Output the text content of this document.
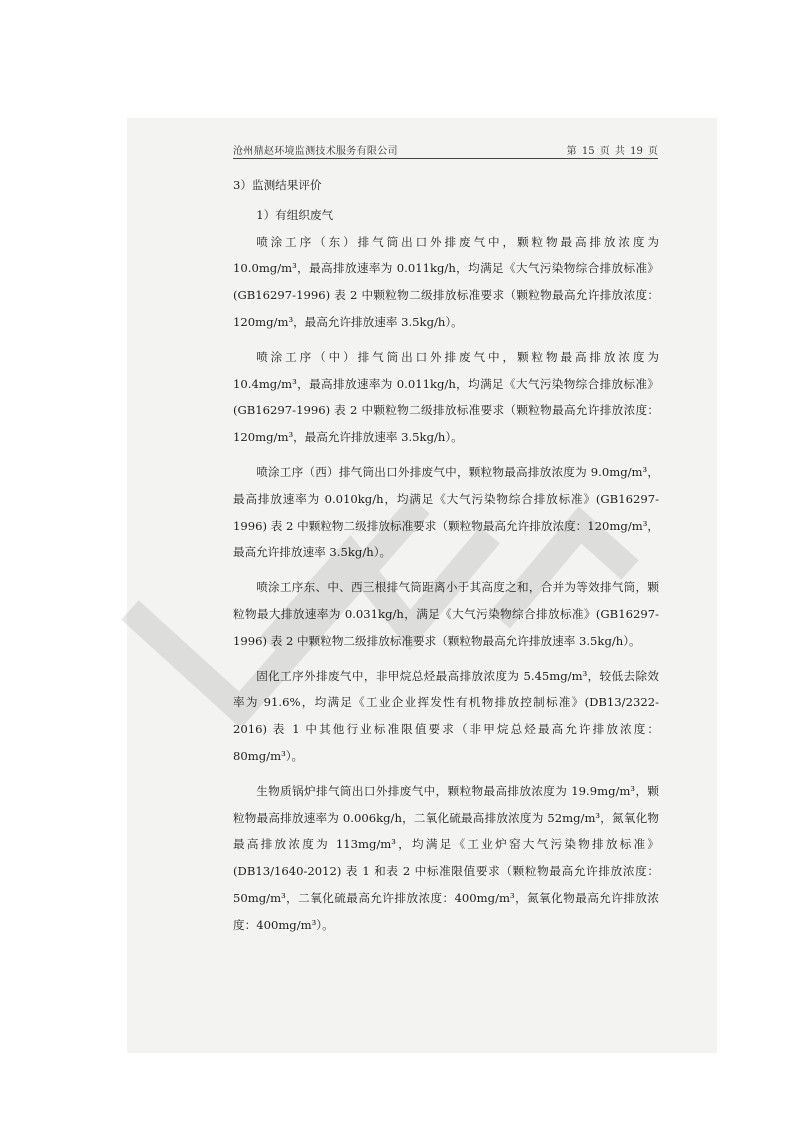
沧州鼎赵环境监测技术服务有限公司	第 15 页 共 19 页

3）监测结果评价

1）有组织废气

喷涂工序（东）排气筒出口外排废气中，颗粒物最高排放浓度为 10.0mg/m³，最高排放速率为 0.011kg/h，均满足《大气污染物综合排放标准》(GB16297-1996) 表 2 中颗粒物二级排放标准要求（颗粒物最高允许排放浓度：120mg/m³，最高允许排放速率 3.5kg/h）。

喷涂工序（中）排气筒出口外排废气中，颗粒物最高排放浓度为 10.4mg/m³，最高排放速率为 0.011kg/h，均满足《大气污染物综合排放标准》(GB16297-1996) 表 2 中颗粒物二级排放标准要求（颗粒物最高允许排放浓度：120mg/m³，最高允许排放速率 3.5kg/h）。

喷涂工序（西）排气筒出口外排废气中，颗粒物最高排放浓度为 9.0mg/m³，最高排放速率为 0.010kg/h，均满足《大气污染物综合排放标准》(GB16297-1996) 表 2 中颗粒物二级排放标准要求（颗粒物最高允许排放浓度：120mg/m³，最高允许排放速率 3.5kg/h）。

喷涂工序东、中、西三根排气筒距离小于其高度之和，合并为等效排气筒，颗粒物最大排放速率为 0.031kg/h，满足《大气污染物综合排放标准》(GB16297-1996) 表 2 中颗粒物二级排放标准要求（颗粒物最高允许排放速率 3.5kg/h）。

固化工序外排废气中，非甲烷总烃最高排放浓度为 5.45mg/m³，较低去除效率为 91.6%，均满足《工业企业挥发性有机物排放控制标准》(DB13/2322-2016) 表 1 中其他行业标准限值要求（非甲烷总烃最高允许排放浓度：80mg/m³）。

生物质锅炉排气筒出口外排废气中，颗粒物最高排放浓度为 19.9mg/m³，颗粒物最高排放速率为 0.006kg/h，二氧化硫最高排放浓度为 52mg/m³，氮氧化物最高排放浓度为 113mg/m³，均满足《工业炉窑大气污染物排放标准》(DB13/1640-2012) 表 1 和表 2 中标准限值要求（颗粒物最高允许排放浓度：50mg/m³，二氧化硫最高允许排放浓度：400mg/m³，氮氧化物最高允许排放浓度：400mg/m³）。
